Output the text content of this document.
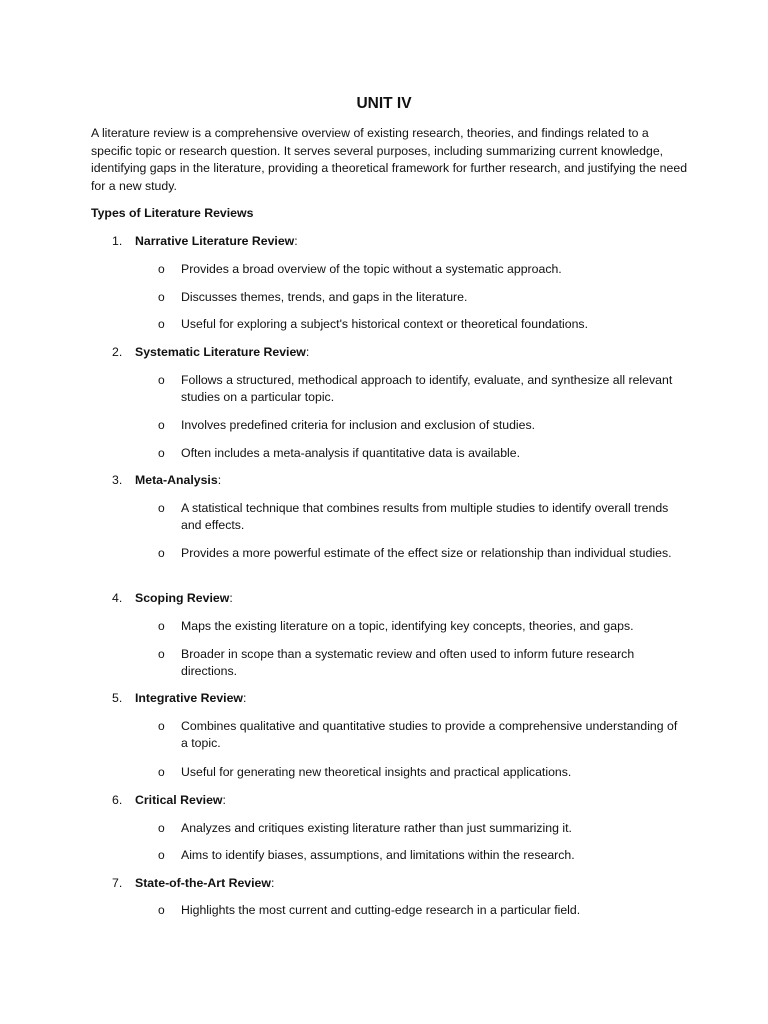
UNIT IV
A literature review is a comprehensive overview of existing research, theories, and findings related to a specific topic or research question. It serves several purposes, including summarizing current knowledge, identifying gaps in the literature, providing a theoretical framework for further research, and justifying the need for a new study.
Types of Literature Reviews
1.	Narrative Literature Review:
o	Provides a broad overview of the topic without a systematic approach.
o	Discusses themes, trends, and gaps in the literature.
o	Useful for exploring a subject's historical context or theoretical foundations.
2.	Systematic Literature Review:
o	Follows a structured, methodical approach to identify, evaluate, and synthesize all relevant studies on a particular topic.
o	Involves predefined criteria for inclusion and exclusion of studies.
o	Often includes a meta-analysis if quantitative data is available.
3.	Meta-Analysis:
o	A statistical technique that combines results from multiple studies to identify overall trends and effects.
o	Provides a more powerful estimate of the effect size or relationship than individual studies.
4.	Scoping Review:
o	Maps the existing literature on a topic, identifying key concepts, theories, and gaps.
o	Broader in scope than a systematic review and often used to inform future research directions.
5.	Integrative Review:
o	Combines qualitative and quantitative studies to provide a comprehensive understanding of a topic.
o	Useful for generating new theoretical insights and practical applications.
6.	Critical Review:
o	Analyzes and critiques existing literature rather than just summarizing it.
o	Aims to identify biases, assumptions, and limitations within the research.
7.	State-of-the-Art Review:
o	Highlights the most current and cutting-edge research in a particular field.
